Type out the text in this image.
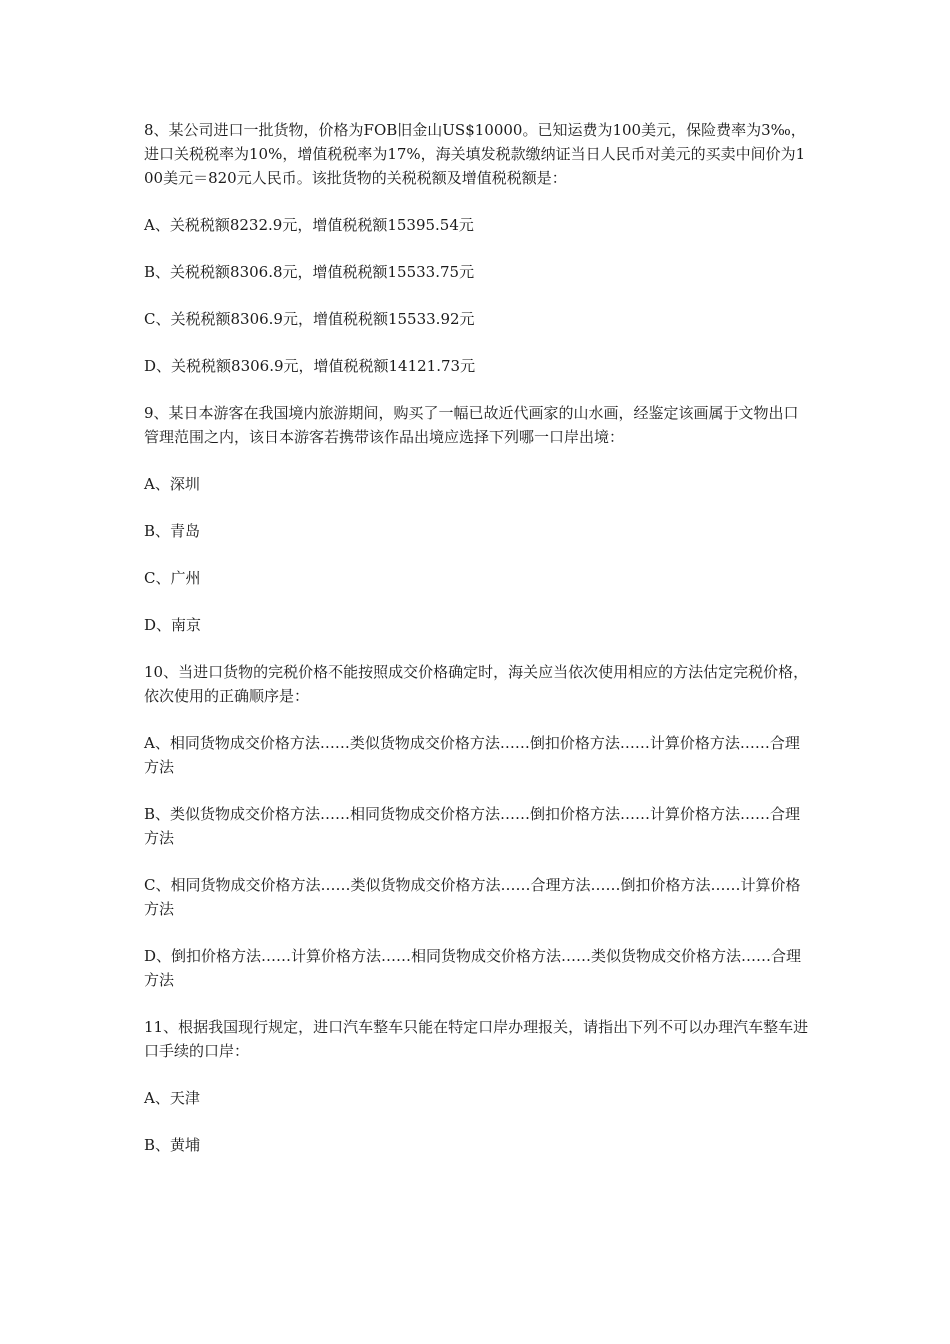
8、某公司进口一批货物，价格为FOB旧金山US$10000。已知运费为100美元，保险费率为3‰，进口关税税率为10%，增值税税率为17%，海关填发税款缴纳证当日人民币对美元的买卖中间价为100美元＝820元人民币。该批货物的关税税额及增值税税额是：

A、关税税额8232.9元，增值税税额15395.54元

B、关税税额8306.8元，增值税税额15533.75元

C、关税税额8306.9元，增值税税额15533.92元

D、关税税额8306.9元，增值税税额14121.73元

9、某日本游客在我国境内旅游期间，购买了一幅已故近代画家的山水画，经鉴定该画属于文物出口管理范围之内，该日本游客若携带该作品出境应选择下列哪一口岸出境：

A、深圳

B、青岛

C、广州

D、南京

10、当进口货物的完税价格不能按照成交价格确定时，海关应当依次使用相应的方法估定完税价格，依次使用的正确顺序是：

A、相同货物成交价格方法……类似货物成交价格方法……倒扣价格方法……计算价格方法……合理方法

B、类似货物成交价格方法……相同货物成交价格方法……倒扣价格方法……计算价格方法……合理方法

C、相同货物成交价格方法……类似货物成交价格方法……合理方法……倒扣价格方法……计算价格方法

D、倒扣价格方法……计算价格方法……相同货物成交价格方法……类似货物成交价格方法……合理方法

11、根据我国现行规定，进口汽车整车只能在特定口岸办理报关，请指出下列不可以办理汽车整车进口手续的口岸：

A、天津

B、黄埔
